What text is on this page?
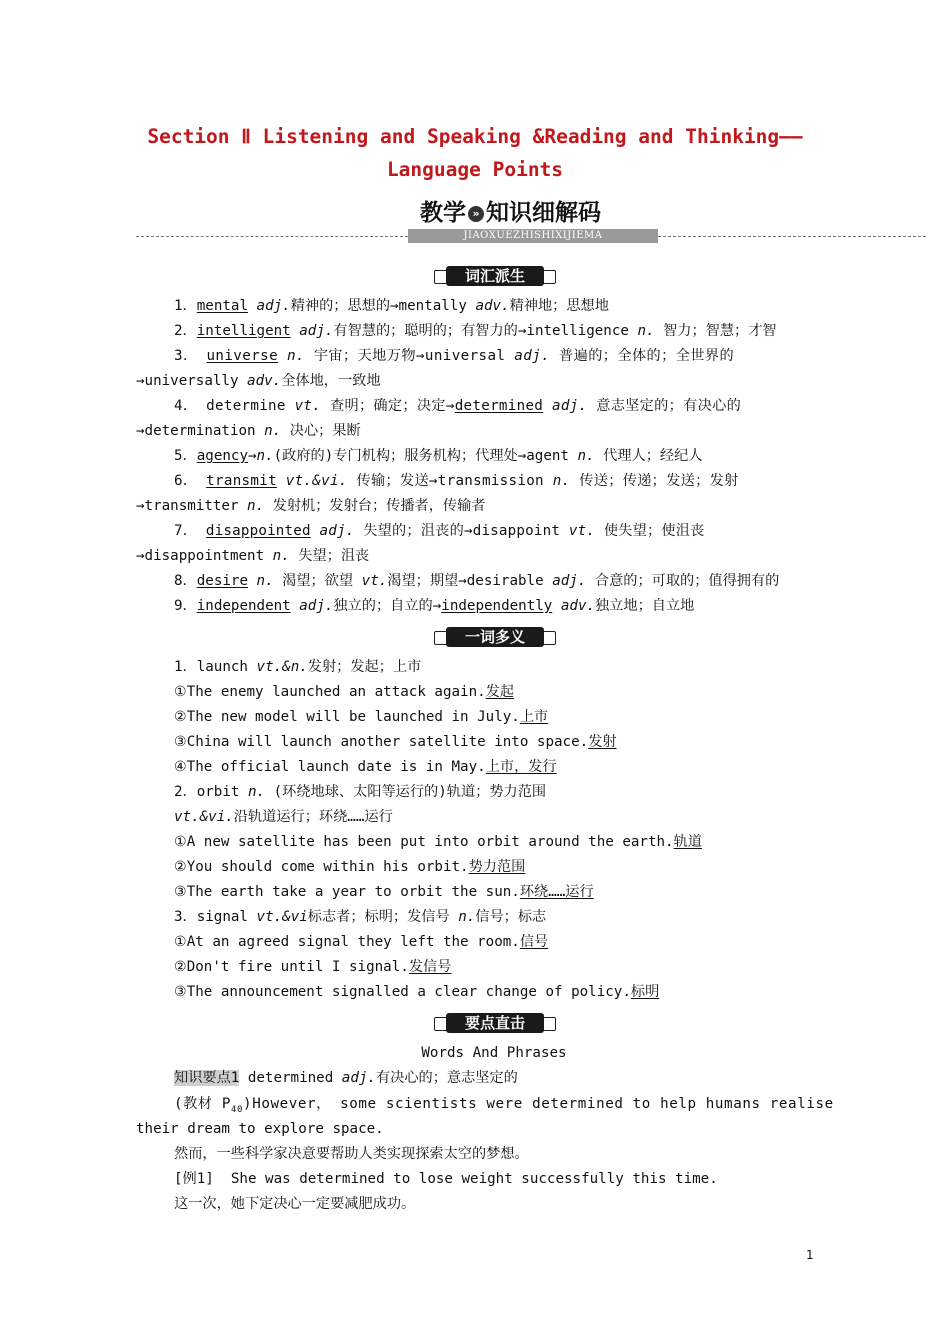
Section Ⅱ Listening and Speaking &Reading and Thinking——
Language Points
教学 » 知识细解码
JIAOXUEZHISHIXIJIEMA
词汇派生
1．mental adj.精神的；思想的→mentally adv.精神地；思想地
2．intelligent adj.有智慧的；聪明的；有智力的→intelligence n. 智力；智慧；才智
3． universe n. 宇宙；天地万物→universal adj. 普遍的；全体的；全世界的
→universally adv.全体地，一致地
4． determine vt. 查明；确定；决定→determined adj. 意志坚定的；有决心的
→determination n. 决心；果断
5．agency→n.(政府的)专门机构；服务机构；代理处→agent n. 代理人；经纪人
6． transmit vt.&vi. 传输；发送→transmission n. 传送；传递；发送；发射
→transmitter n. 发射机；发射台；传播者，传输者
7． disappointed adj. 失望的；沮丧的→disappoint vt. 使失望；使沮丧
→disappointment n. 失望；沮丧
8．desire n. 渴望；欲望 vt.渴望；期望→desirable adj. 合意的；可取的；值得拥有的
9．independent adj.独立的；自立的→independently adv.独立地；自立地
一词多义
1．launch vt.&n.发射；发起；上市
①The enemy launched an attack again.发起
②The new model will be launched in July.上市
③China will launch another satellite into space.发射
④The official launch date is in May.上市，发行
2．orbit n. (环绕地球、太阳等运行的)轨道；势力范围
vt.&vi.沿轨道运行；环绕……运行
①A new satellite has been put into orbit around the earth.轨道
②You should come within his orbit.势力范围
③The earth take a year to orbit the sun.环绕……运行
3．signal vt.&vi标志者；标明；发信号 n.信号；标志
①At an agreed signal they left the room.信号
②Don't fire until I signal.发信号
③The announcement signalled a clear change of policy.标明
要点直击
Words And Phrases
知识要点1 determined adj.有决心的；意志坚定的
(教材 $P_{40})However$， some scientists were determined to help humans realise
their dream to explore space.
然而，一些科学家决意要帮助人类实现探索太空的梦想。
[例1]  She was determined to lose weight successfully this time.
这一次，她下定决心一定要减肥成功。
1
